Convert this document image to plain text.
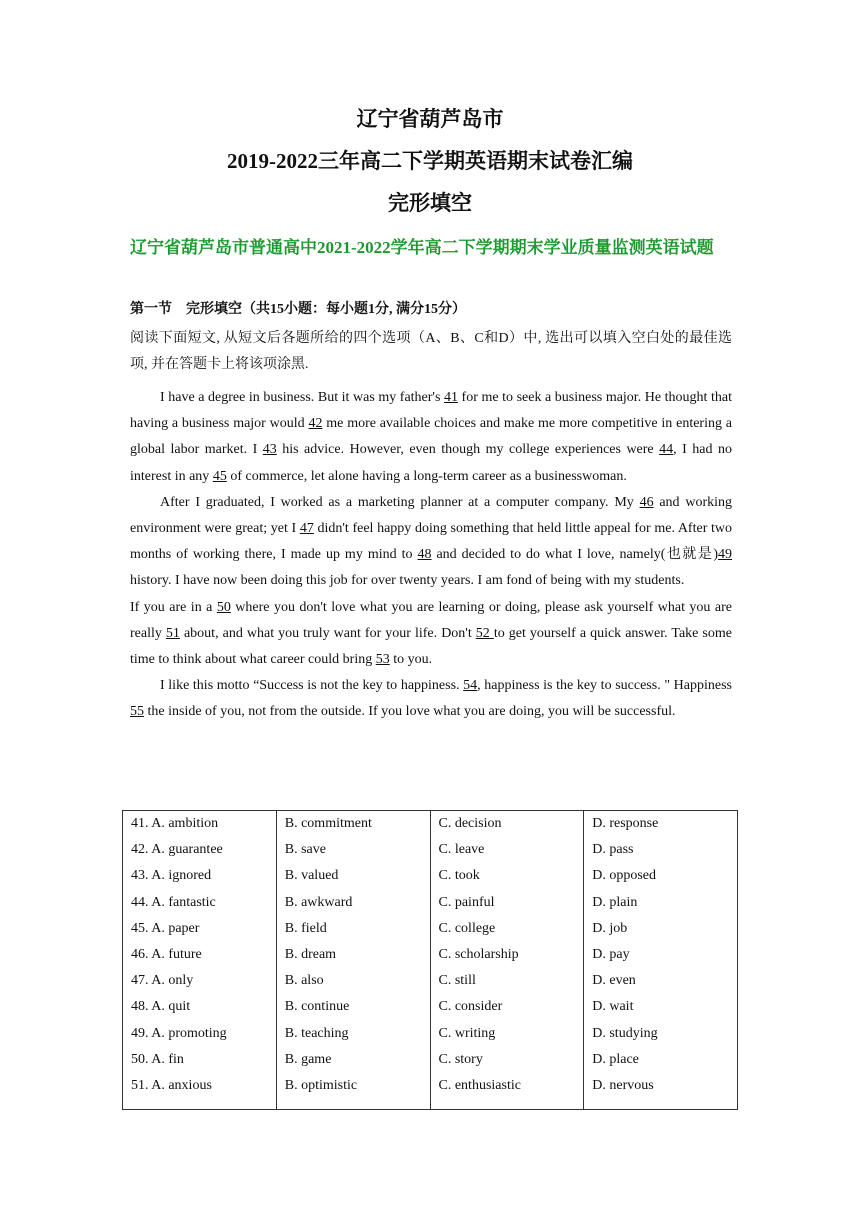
辽宁省葫芦岛市
2019-2022三年高二下学期英语期末试卷汇编
完形填空
辽宁省葫芦岛市普通高中2021-2022学年高二下学期期末学业质量监测英语试题
第一节　完形填空（共15小题：每小题1分, 满分15分）
阅读下面短文, 从短文后各题所给的四个选项（A、B、C和D）中, 选出可以填入空白处的最佳选项, 并在答题卡上将该项涂黑.

I have a degree in business. But it was my father's 41 for me to seek a business major. He thought that having a business major would 42 me more available choices and make me more competitive in entering a global labor market. I 43 his advice. However, even though my college experiences were 44, I had no interest in any 45 of commerce, let alone having a long-term career as a businesswoman.

After I graduated, I worked as a marketing planner at a computer company. My 46 and working environment were great; yet I 47 didn't feel happy doing something that held little appeal for me. After two months of working there, I made up my mind to 48 and decided to do what I love, namely(也就是)49 history. I have now been doing this job for over twenty years. I am fond of being with my students.

If you are in a 50 where you don't love what you are learning or doing, please ask yourself what you are really 51 about, and what you truly want for your life. Don't 52 to get yourself a quick answer. Take some time to think about what career could bring 53 to you.

I like this motto “Success is not the key to happiness. 54, happiness is the key to success. " Happiness 55 the inside of you, not from the outside. If you love what you are doing, you will be successful.

41. A. ambition	B. commitment	C. decision	D. response
42. A. guarantee	B. save	C. leave	D. pass
43. A. ignored	B. valued	C. took	D. opposed
44. A. fantastic	B. awkward	C. painful	D. plain
45. A. paper	B. field	C. college	D. job
46. A. future	B. dream	C. scholarship	D. pay
47. A. only	B. also	C. still	D. even
48. A. quit	B. continue	C. consider	D. wait
49. A. promoting	B. teaching	C. writing	D. studying
50. A. fin	B. game	C. story	D. place
51. A. anxious	B. optimistic	C. enthusiastic	D. nervous
